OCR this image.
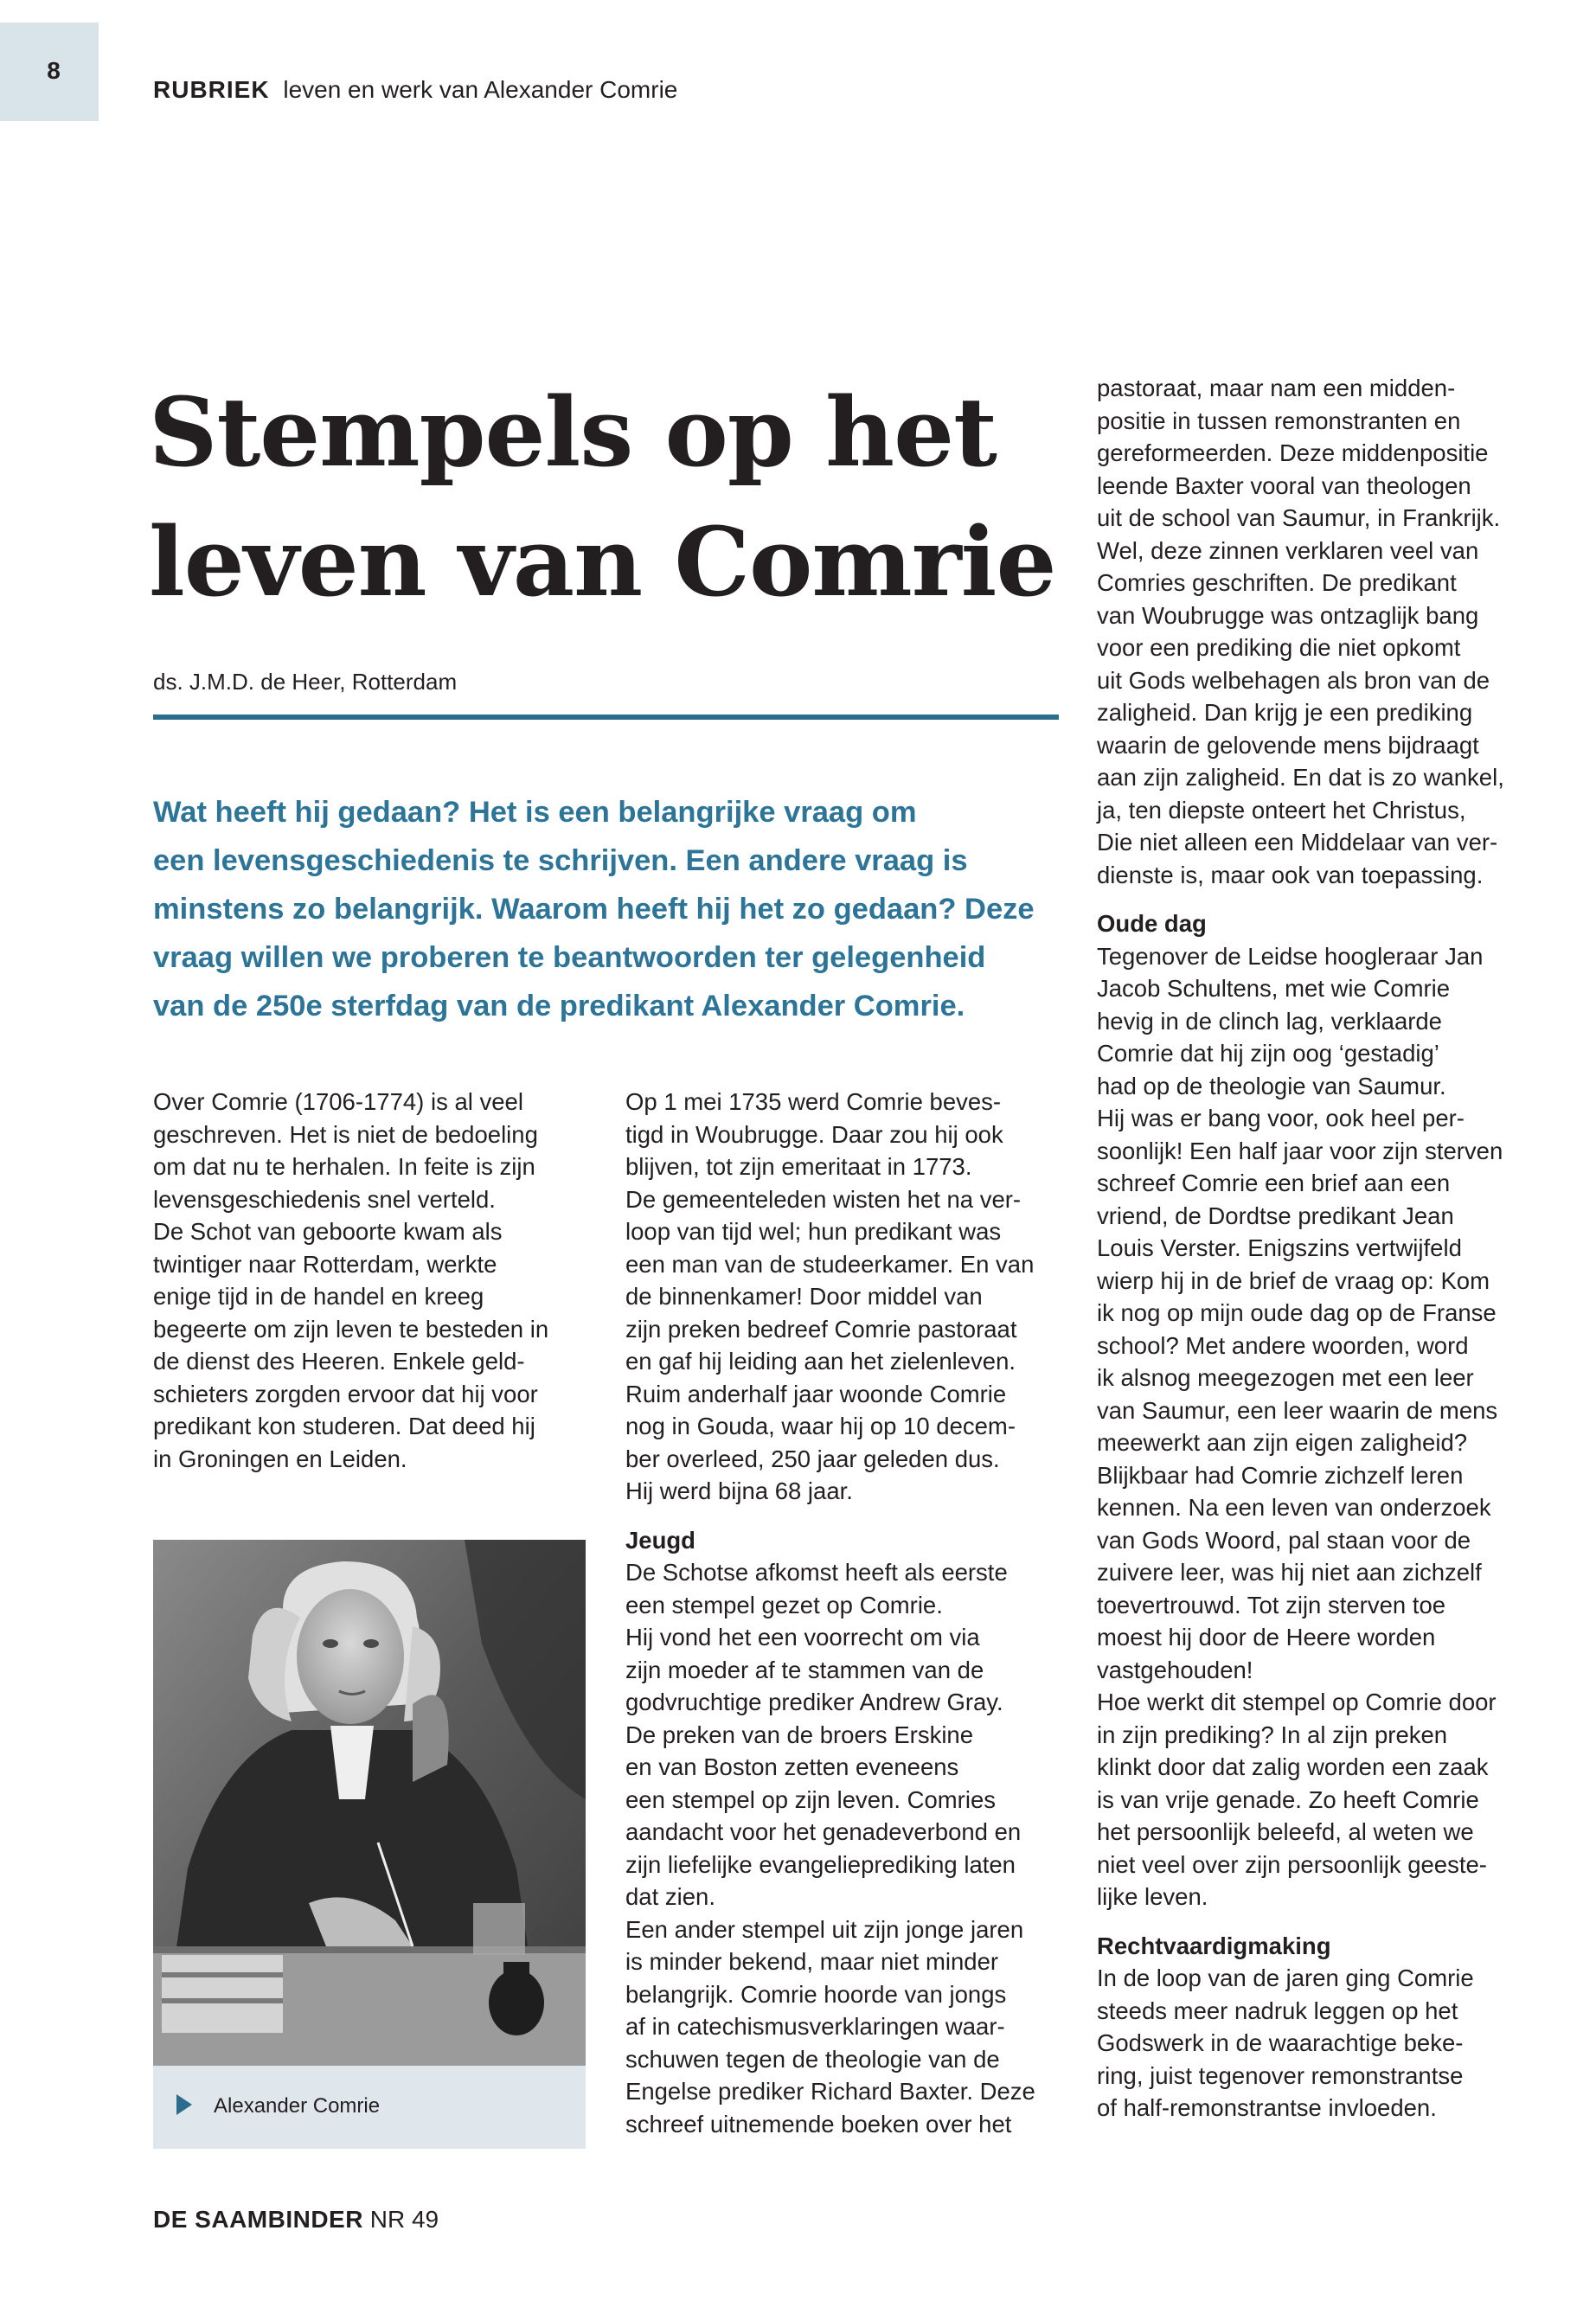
8
RUBRIEK leven en werk van Alexander Comrie
Stempels op het
leven van Comrie
ds. J.M.D. de Heer, Rotterdam
Wat heeft hij gedaan? Het is een belangrijke vraag om
een levensgeschiedenis te schrijven. Een andere vraag is
minstens zo belangrijk. Waarom heeft hij het zo gedaan? Deze
vraag willen we proberen te beantwoorden ter gelegenheid
van de 250e sterfdag van de predikant Alexander Comrie.

Over Comrie (1706-1774) is al veel
geschreven. Het is niet de bedoeling
om dat nu te herhalen. In feite is zijn
levensgeschiedenis snel verteld.
De Schot van geboorte kwam als
twintiger naar Rotterdam, werkte
enige tijd in de handel en kreeg
begeerte om zijn leven te besteden in
de dienst des Heeren. Enkele geld-
schieters zorgden ervoor dat hij voor
predikant kon studeren. Dat deed hij
in Groningen en Leiden.

Alexander Comrie

Op 1 mei 1735 werd Comrie beves-
tigd in Woubrugge. Daar zou hij ook
blijven, tot zijn emeritaat in 1773.
De gemeenteleden wisten het na ver-
loop van tijd wel; hun predikant was
een man van de studeerkamer. En van
de binnenkamer! Door middel van
zijn preken bedreef Comrie pastoraat
en gaf hij leiding aan het zielenleven.
Ruim anderhalf jaar woonde Comrie
nog in Gouda, waar hij op 10 decem-
ber overleed, 250 jaar geleden dus.
Hij werd bijna 68 jaar.

Jeugd

De Schotse afkomst heeft als eerste
een stempel gezet op Comrie.
Hij vond het een voorrecht om via
zijn moeder af te stammen van de
godvruchtige prediker Andrew Gray.
De preken van de broers Erskine
en van Boston zetten eveneens
een stempel op zijn leven. Comries
aandacht voor het genadeverbond en
zijn liefelijke evangelieprediking laten
dat zien.
Een ander stempel uit zijn jonge jaren
is minder bekend, maar niet minder
belangrijk. Comrie hoorde van jongs
af in catechismusverklaringen waar-
schuwen tegen de theologie van de
Engelse prediker Richard Baxter. Deze
schreef uitnemende boeken over het

pastoraat, maar nam een midden-
positie in tussen remonstranten en
gereformeerden. Deze middenpositie
leende Baxter vooral van theologen
uit de school van Saumur, in Frankrijk.
Wel, deze zinnen verklaren veel van
Comries geschriften. De predikant
van Woubrugge was ontzaglijk bang
voor een prediking die niet opkomt
uit Gods welbehagen als bron van de
zaligheid. Dan krijg je een prediking
waarin de gelovende mens bijdraagt
aan zijn zaligheid. En dat is zo wankel,
ja, ten diepste onteert het Christus,
Die niet alleen een Middelaar van ver-
dienste is, maar ook van toepassing.

Oude dag

Tegenover de Leidse hoogleraar Jan
Jacob Schultens, met wie Comrie
hevig in de clinch lag, verklaarde
Comrie dat hij zijn oog ‘gestadig’
had op de theologie van Saumur.
Hij was er bang voor, ook heel per-
soonlijk! Een half jaar voor zijn sterven
schreef Comrie een brief aan een
vriend, de Dordtse predikant Jean
Louis Verster. Enigszins vertwijfeld
wierp hij in de brief de vraag op: Kom
ik nog op mijn oude dag op de Franse
school? Met andere woorden, word
ik alsnog meegezogen met een leer
van Saumur, een leer waarin de mens
meewerkt aan zijn eigen zaligheid?
Blijkbaar had Comrie zichzelf leren
kennen. Na een leven van onderzoek
van Gods Woord, pal staan voor de
zuivere leer, was hij niet aan zichzelf
toevertrouwd. Tot zijn sterven toe
moest hij door de Heere worden
vastgehouden!
Hoe werkt dit stempel op Comrie door
in zijn prediking? In al zijn preken
klinkt door dat zalig worden een zaak
is van vrije genade. Zo heeft Comrie
het persoonlijk beleefd, al weten we
niet veel over zijn persoonlijk geeste-
lijke leven.

Rechtvaardigmaking

In de loop van de jaren ging Comrie
steeds meer nadruk leggen op het
Godswerk in de waarachtige beke-
ring, juist tegenover remonstrantse
of half-remonstrantse invloeden.

DE SAAMBINDER NR 49
